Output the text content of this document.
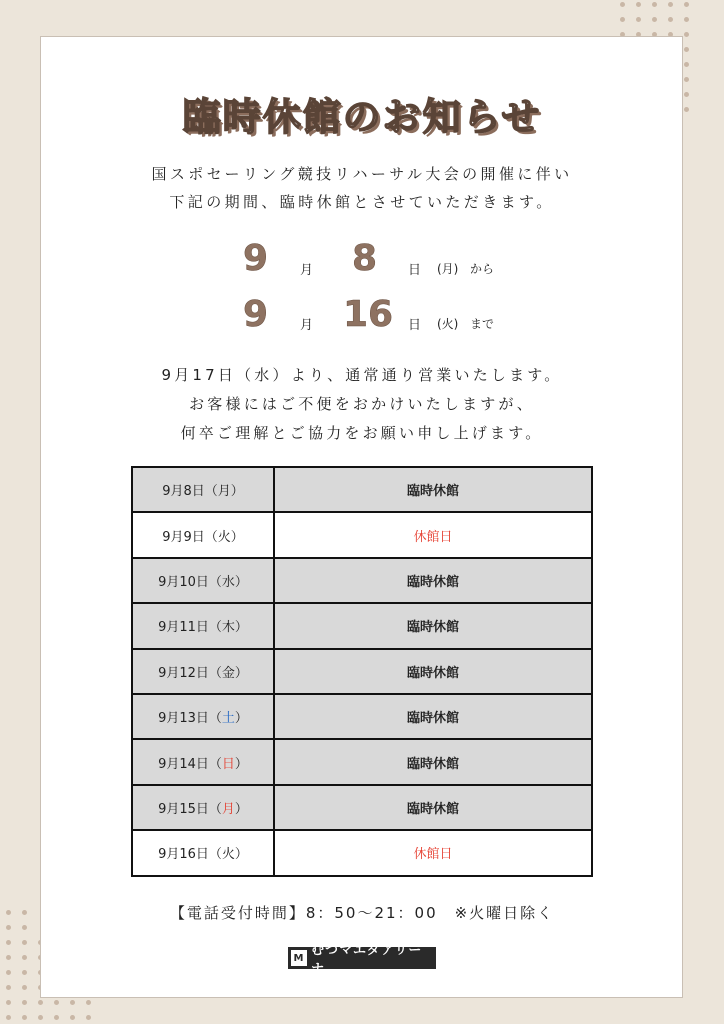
臨時休館のお知らせ
国スポセーリング競技リハーサル大会の開催に伴い
下記の期間、臨時休館とさせていただきます。
9 月 8 日 (月) から
9 月 16 日 (火) まで
9月17日（水）より、通常通り営業いたします。
お客様にはご不便をおかけいたしますが、
何卒ご理解とご協力をお願い申し上げます。
9月8日（月）	臨時休館
9月9日（火）	休館日
9月10日（水）	臨時休館
9月11日（木）	臨時休館
9月12日（金）	臨時休館
9月13日（土）	臨時休館
9月14日（日）	臨時休館
9月15日（月）	臨時休館
9月16日（火）	休館日
【電話受付時間】8：50～21：00　※火曜日除く
M むつマエダアリーナ
